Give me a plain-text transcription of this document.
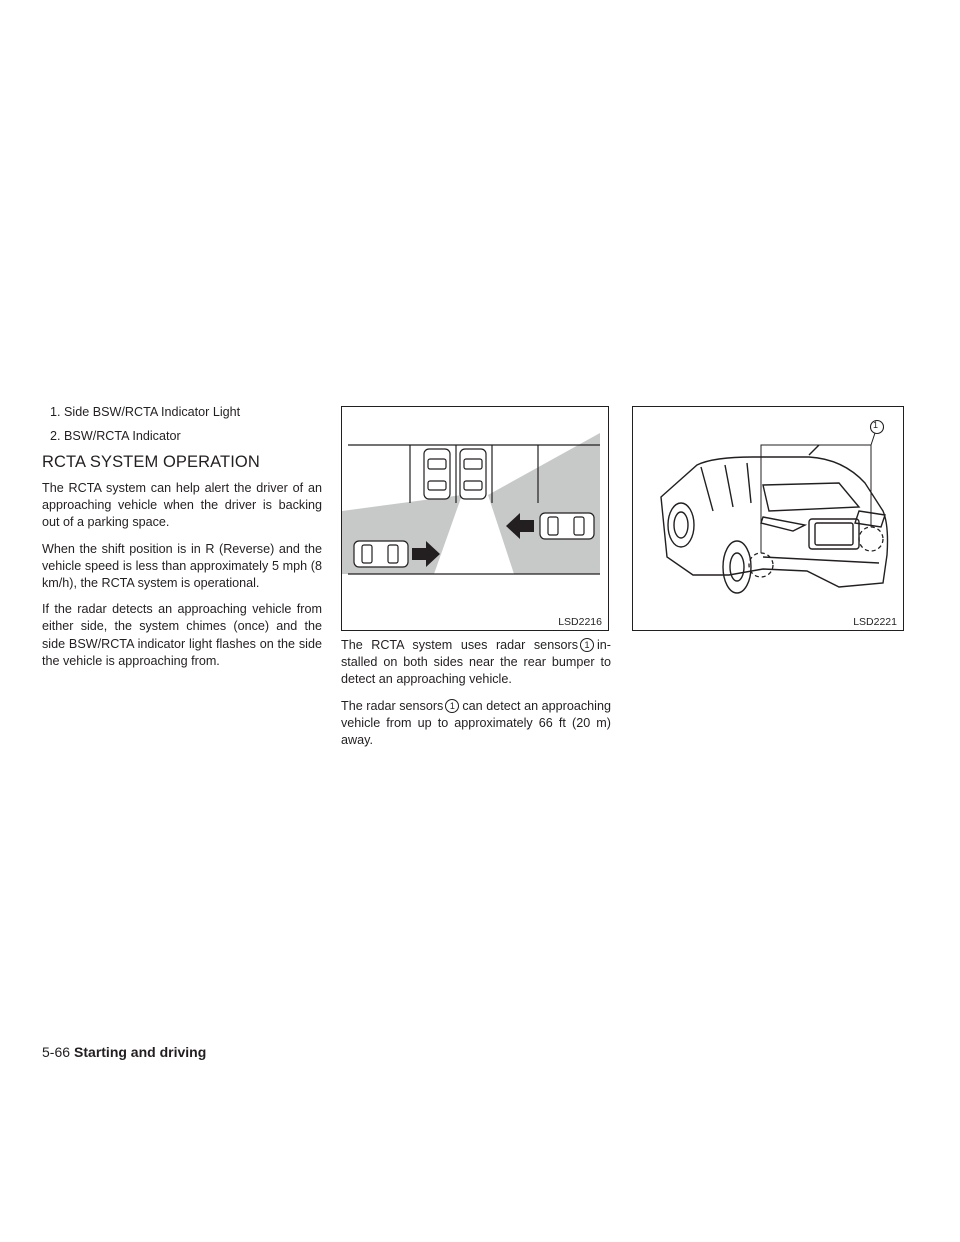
1. Side BSW/RCTA Indicator Light
2. BSW/RCTA Indicator
RCTA SYSTEM OPERATION

The RCTA system can help alert the driver of an approaching vehicle when the driver is backing out of a parking space.

When the shift position is in R (Reverse) and the vehicle speed is less than approximately 5 mph (8 km/h), the RCTA system is operational.

If the radar detects an approaching vehicle from either side, the system chimes (once) and the side BSW/RCTA indicator light flashes on the side the vehicle is approaching from.

LSD2216

The RCTA system uses radar sensors 1 in-stalled on both sides near the rear bumper to detect an approaching vehicle.

The radar sensors 1 can detect an approaching vehicle from up to approximately 66 ft (20 m) away.

1
LSD2221
5-66 Starting and driving
